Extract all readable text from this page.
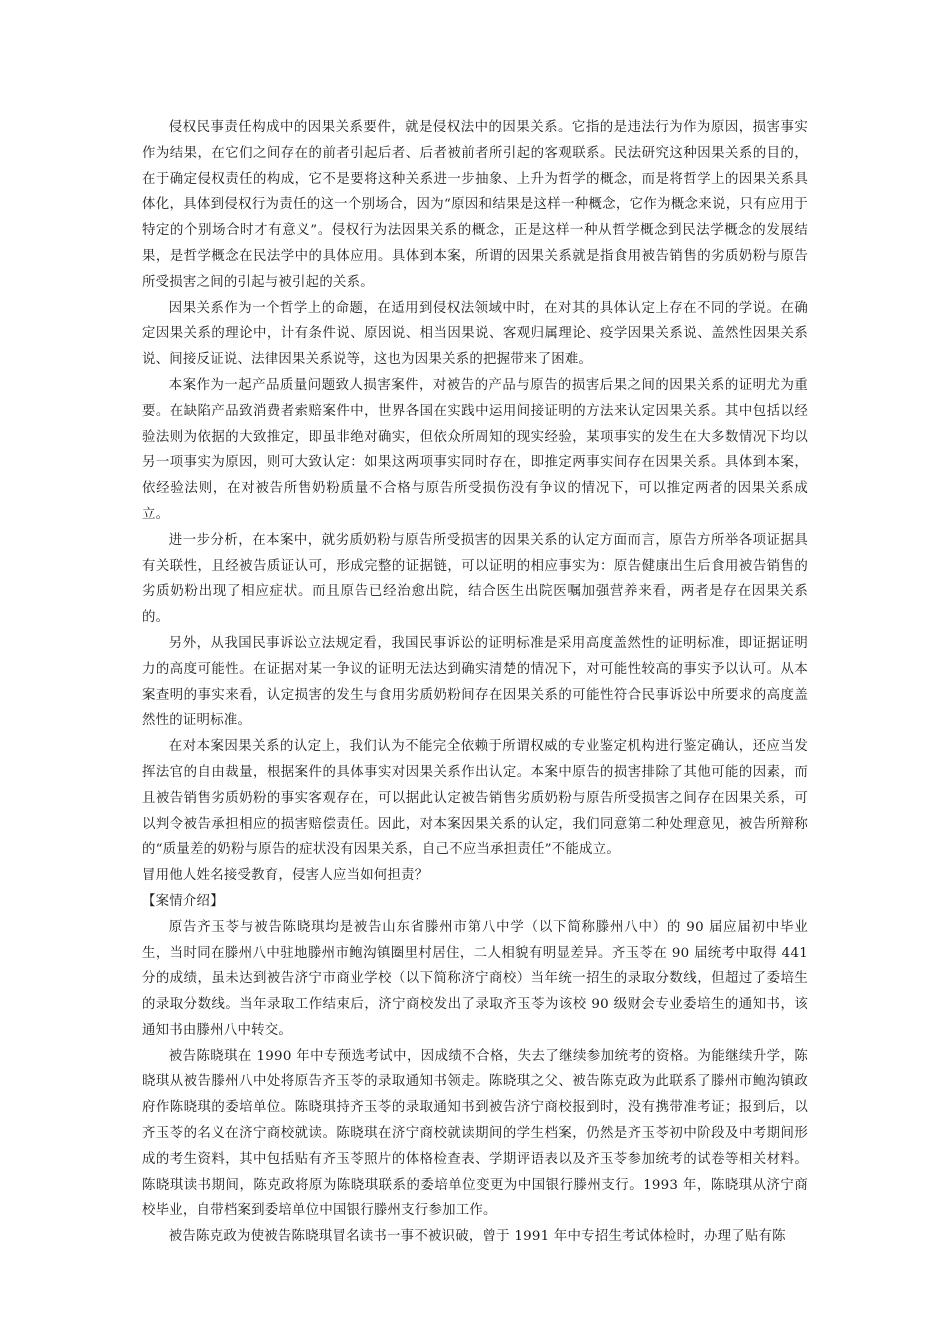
侵权民事责任构成中的因果关系要件，就是侵权法中的因果关系。它指的是违法行为作为原因，损害事实作为结果，在它们之间存在的前者引起后者、后者被前者所引起的客观联系。民法研究这种因果关系的目的，在于确定侵权责任的构成，它不是要将这种关系进一步抽象、上升为哲学的概念，而是将哲学上的因果关系具体化，具体到侵权行为责任的这一个别场合，因为“原因和结果是这样一种概念，它作为概念来说，只有应用于特定的个别场合时才有意义”。侵权行为法因果关系的概念，正是这样一种从哲学概念到民法学概念的发展结果，是哲学概念在民法学中的具体应用。具体到本案，所谓的因果关系就是指食用被告销售的劣质奶粉与原告所受损害之间的引起与被引起的关系。

因果关系作为一个哲学上的命题，在适用到侵权法领域中时，在对其的具体认定上存在不同的学说。在确定因果关系的理论中，计有条件说、原因说、相当因果说、客观归属理论、疫学因果关系说、盖然性因果关系说、间接反证说、法律因果关系说等，这也为因果关系的把握带来了困难。

本案作为一起产品质量问题致人损害案件，对被告的产品与原告的损害后果之间的因果关系的证明尤为重要。在缺陷产品致消费者索赔案件中，世界各国在实践中运用间接证明的方法来认定因果关系。其中包括以经验法则为依据的大致推定，即虽非绝对确实，但依众所周知的现实经验，某项事实的发生在大多数情况下均以另一项事实为原因，则可大致认定：如果这两项事实同时存在，即推定两事实间存在因果关系。具体到本案，依经验法则，在对被告所售奶粉质量不合格与原告所受损伤没有争议的情况下，可以推定两者的因果关系成立。

进一步分析，在本案中，就劣质奶粉与原告所受损害的因果关系的认定方面而言，原告方所举各项证据具有关联性，且经被告质证认可，形成完整的证据链，可以证明的相应事实为：原告健康出生后食用被告销售的劣质奶粉出现了相应症状。而且原告已经治愈出院，结合医生出院医嘱加强营养来看，两者是存在因果关系的。

另外，从我国民事诉讼立法规定看，我国民事诉讼的证明标准是采用高度盖然性的证明标准，即证据证明力的高度可能性。在证据对某一争议的证明无法达到确实清楚的情况下，对可能性较高的事实予以认可。从本案查明的事实来看，认定损害的发生与食用劣质奶粉间存在因果关系的可能性符合民事诉讼中所要求的高度盖然性的证明标准。

在对本案因果关系的认定上，我们认为不能完全依赖于所谓权威的专业鉴定机构进行鉴定确认，还应当发挥法官的自由裁量，根据案件的具体事实对因果关系作出认定。本案中原告的损害排除了其他可能的因素，而且被告销售劣质奶粉的事实客观存在，可以据此认定被告销售劣质奶粉与原告所受损害之间存在因果关系，可以判令被告承担相应的损害赔偿责任。因此，对本案因果关系的认定，我们同意第二种处理意见，被告所辩称的“质量差的奶粉与原告的症状没有因果关系，自己不应当承担责任”不能成立。

冒用他人姓名接受教育，侵害人应当如何担责？

【案情介绍】

原告齐玉苓与被告陈晓琪均是被告山东省滕州市第八中学（以下简称滕州八中）的 90 届应届初中毕业生，当时同在滕州八中驻地滕州市鲍沟镇圈里村居住，二人相貌有明显差异。齐玉苓在 90 届统考中取得 441 分的成绩，虽未达到被告济宁市商业学校（以下简称济宁商校）当年统一招生的录取分数线，但超过了委培生的录取分数线。当年录取工作结束后，济宁商校发出了录取齐玉苓为该校 90 级财会专业委培生的通知书，该通知书由滕州八中转交。

被告陈晓琪在 1990 年中专预选考试中，因成绩不合格，失去了继续参加统考的资格。为能继续升学，陈晓琪从被告滕州八中处将原告齐玉苓的录取通知书领走。陈晓琪之父、被告陈克政为此联系了滕州市鲍沟镇政府作陈晓琪的委培单位。陈晓琪持齐玉苓的录取通知书到被告济宁商校报到时，没有携带准考证；报到后，以齐玉苓的名义在济宁商校就读。陈晓琪在济宁商校就读期间的学生档案，仍然是齐玉苓初中阶段及中考期间形成的考生资料，其中包括贴有齐玉苓照片的体格检查表、学期评语表以及齐玉苓参加统考的试卷等相关材料。陈晓琪读书期间，陈克政将原为陈晓琪联系的委培单位变更为中国银行滕州支行。1993 年，陈晓琪从济宁商校毕业，自带档案到委培单位中国银行滕州支行参加工作。

被告陈克政为使被告陈晓琪冒名读书一事不被识破，曾于 1991 年中专招生考试体检时，办理了贴有陈
